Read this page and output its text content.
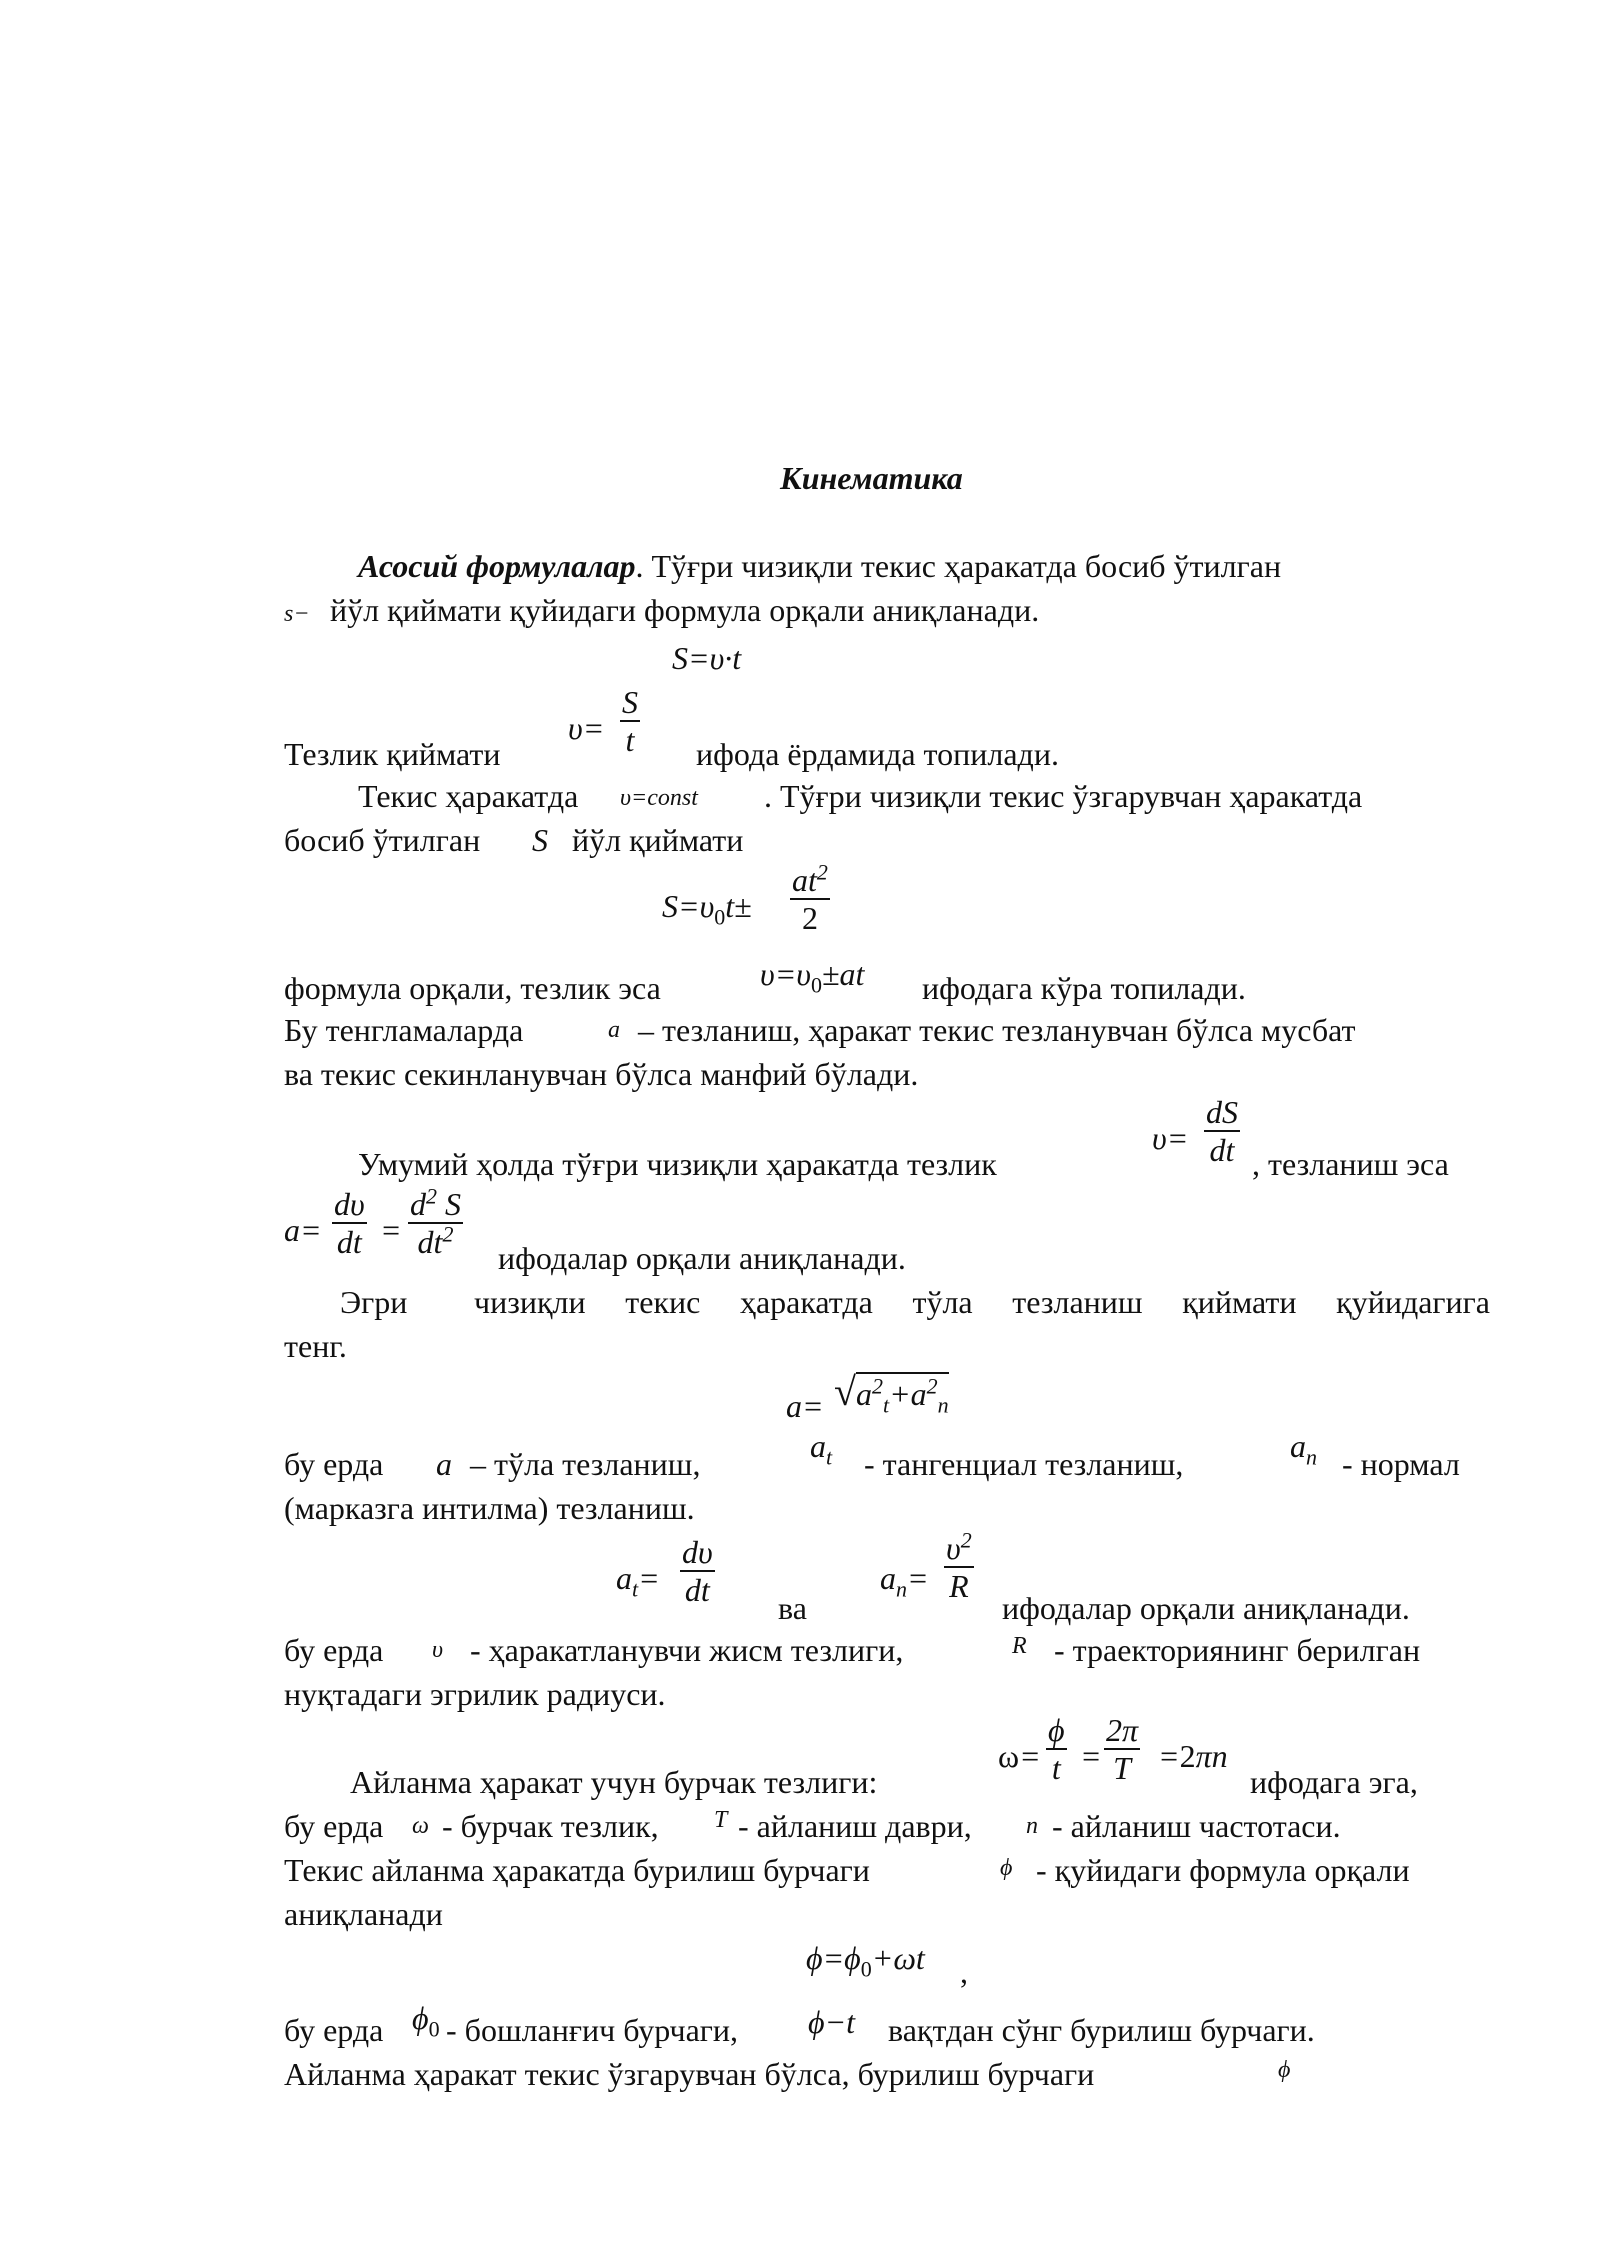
Кинематика
Асосий формулалар. Тўғри чизиқли текис ҳаракатда босиб ўтилган
s− йўл қиймати қуйидаги формула орқали аниқланади.
S=υ·t
$\upsilon= \frac{S}{t}$
Тезлик қиймати	ифода ёрдамида топилади.
Текис ҳаракатда υ=const . Тўғри чизиқли текис ўзгарувчан ҳаракатда
босиб ўтилган S йўл қиймати
$S=\upsilon_0t\pm \frac{at^2}{2}$
формула орқали, тезлик эса	$\upsilon=\upsilon_0\pm at$ ифодага кўра топилади.
Бу тенгламаларда	a – тезланиш, ҳаракат текис тезланувчан бўлса мусбат
ва текис секинланувчан бўлса манфий бўлади.
$\upsilon= \frac{dS}{dt}$
Умумий ҳолда тўғри чизиқли ҳаракатда тезлик	, тезланиш эса
$a= \frac{d\upsilon}{dt} = \frac{d^2 S}{dt^2}$ ифодалар орқали аниқланади.
Эгри чизиқли текис ҳаракатда тўла тезланиш қиймати қуйидагига
тенг.
$a= √a^2_t+a^2_n$
бу ерда a – тўла тезланиш,	$a_t$ - тангенциал тезланиш,	$a_n$ - нормал
(марказга интилма) тезланиш.
$a_t= \frac{d\upsilon}{dt}$ ва
$a_n= \frac{\upsilon^2}{R}$
ифодалар орқали аниқланади.
бу ерда υ - ҳаракатланувчи жисм тезлиги,	R - траекториянинг берилган
нуқтадаги эгрилик радиуси.
$\omega= \frac{\phi}{t} = \frac{2\pi}{T} =2\pi n$
Айланма ҳаракат учун бурчак тезлиги:	ифодага эга,
бу ерда ω - бурчак тезлик, T - айланиш даври, n - айланиш частотаси.
Текис айланма ҳаракатда бурилиш бурчаги	ϕ - қуйидаги формула орқали
аниқланади
$\phi=\phi_0+\omega t$ ,
бу ерда $\phi_0$ - бошланғич бурчаги, ϕ−t вақтдан сўнг бурилиш бурчаги.
Айланма ҳаракат текис ўзгарувчан бўлса, бурилиш бурчаги	ϕ
